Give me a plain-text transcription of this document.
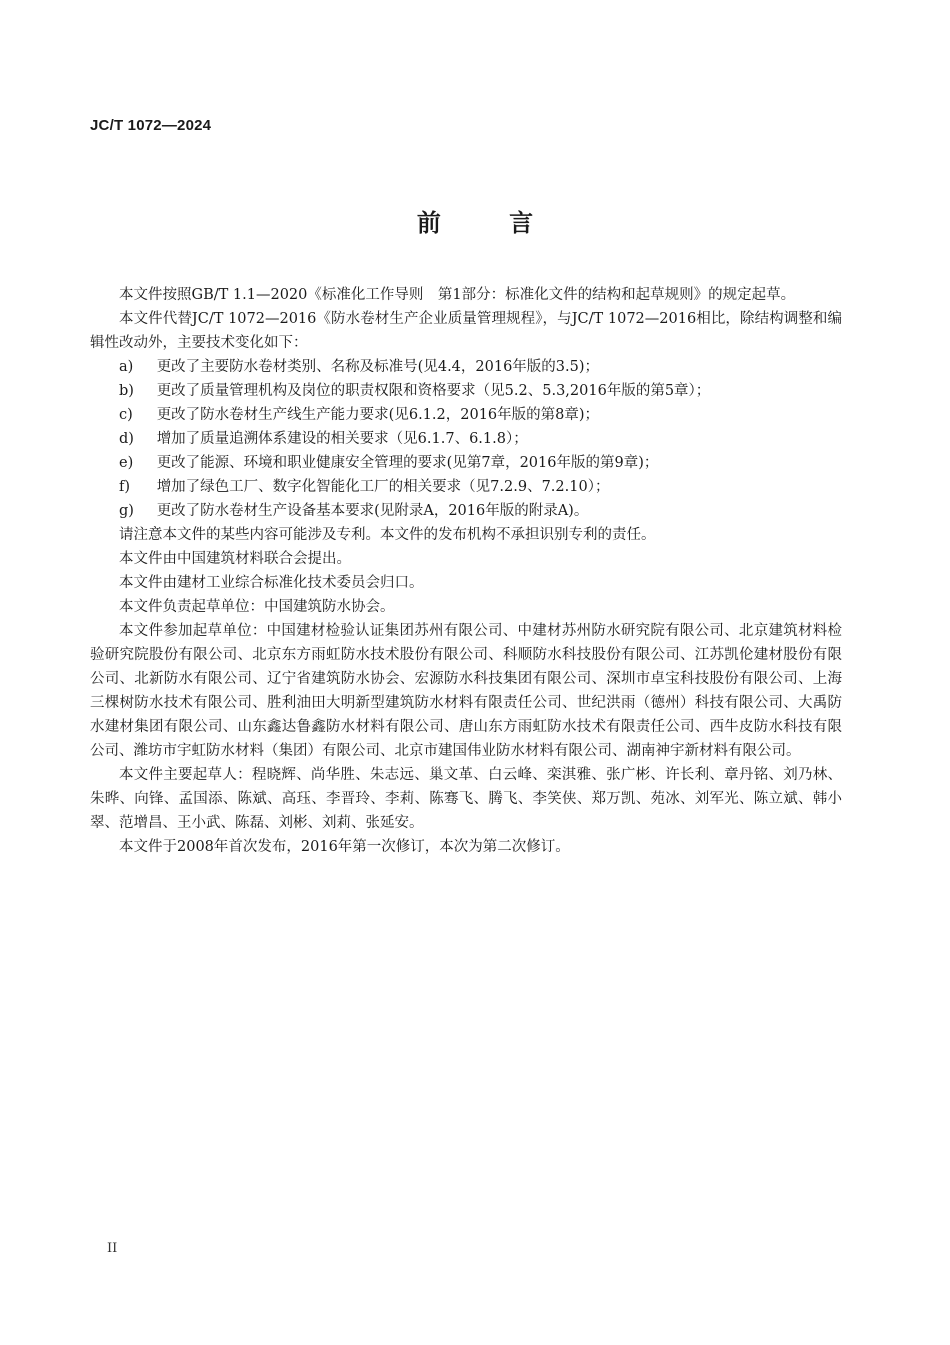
JC/T 1072—2024
前 言

本文件按照GB/T 1.1—2020《标准化工作导则　第1部分：标准化文件的结构和起草规则》的规定起草。

本文件代替JC/T 1072—2016《防水卷材生产企业质量管理规程》，与JC/T 1072—2016相比，除结构调整和编辑性改动外，主要技术变化如下：

a) 更改了主要防水卷材类别、名称及标准号(见4.4，2016年版的3.5)；

b) 更改了质量管理机构及岗位的职责权限和资格要求（见5.2、5.3,2016年版的第5章）；

c) 更改了防水卷材生产线生产能力要求(见6.1.2，2016年版的第8章)；

d) 增加了质量追溯体系建设的相关要求（见6.1.7、6.1.8）；

e) 更改了能源、环境和职业健康安全管理的要求(见第7章，2016年版的第9章)；

f) 增加了绿色工厂、数字化智能化工厂的相关要求（见7.2.9、7.2.10）；

g) 更改了防水卷材生产设备基本要求(见附录A，2016年版的附录A)。

请注意本文件的某些内容可能涉及专利。本文件的发布机构不承担识别专利的责任。

本文件由中国建筑材料联合会提出。

本文件由建材工业综合标准化技术委员会归口。

本文件负责起草单位：中国建筑防水协会。

本文件参加起草单位：中国建材检验认证集团苏州有限公司、中建材苏州防水研究院有限公司、北京建筑材料检验研究院股份有限公司、北京东方雨虹防水技术股份有限公司、科顺防水科技股份有限公司、江苏凯伦建材股份有限公司、北新防水有限公司、辽宁省建筑防水协会、宏源防水科技集团有限公司、深圳市卓宝科技股份有限公司、上海三棵树防水技术有限公司、胜利油田大明新型建筑防水材料有限责任公司、世纪洪雨（德州）科技有限公司、大禹防水建材集团有限公司、山东鑫达鲁鑫防水材料有限公司、唐山东方雨虹防水技术有限责任公司、西牛皮防水科技有限公司、潍坊市宇虹防水材料（集团）有限公司、北京市建国伟业防水材料有限公司、湖南神宇新材料有限公司。

本文件主要起草人：程晓辉、尚华胜、朱志远、巢文革、白云峰、栾淇雅、张广彬、许长利、章丹铭、刘乃林、朱晔、向锋、孟国添、陈斌、高珏、李晋玲、李莉、陈骞飞、腾飞、李笑侠、郑万凯、苑冰、刘军光、陈立斌、韩小翠、范增昌、王小武、陈磊、刘彬、刘莉、张延安。

本文件于2008年首次发布，2016年第一次修订，本次为第二次修订。

II
